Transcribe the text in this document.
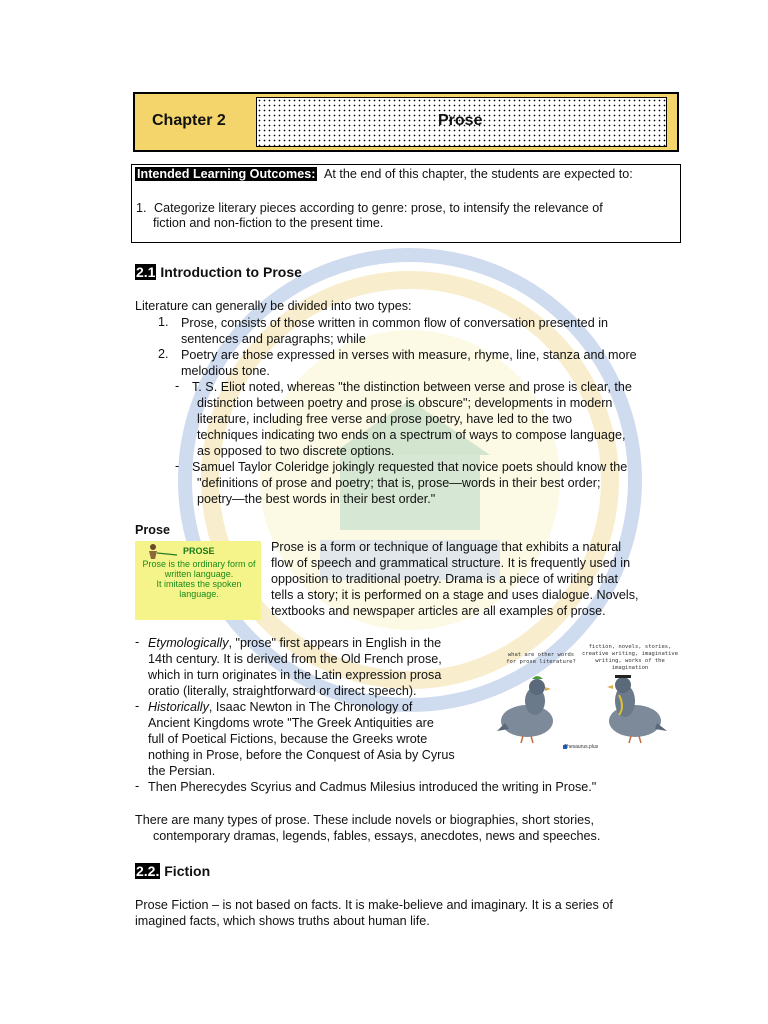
Chapter 2	Prose
Intended Learning Outcomes: At the end of this chapter, the students are expected to:
1. Categorize literary pieces according to genre: prose, to intensify the relevance of
fiction and non-fiction to the present time.
2.1 Introduction to Prose
Literature can generally be divided into two types:
1. Prose, consists of those written in common flow of conversation presented in
sentences and paragraphs; while
2. Poetry are those expressed in verses with measure, rhyme, line, stanza and more
melodious tone.
- T. S. Eliot noted, whereas "the distinction between verse and prose is clear, the
distinction between poetry and prose is obscure"; developments in modern
literature, including free verse and prose poetry, have led to the two
techniques indicating two ends on a spectrum of ways to compose language,
as opposed to two discrete options.
- Samuel Taylor Coleridge jokingly requested that novice poets should know the
"definitions of prose and poetry; that is, prose—words in their best order;
poetry—the best words in their best order."
Prose
PROSE
Prose is the ordinary form of written language.
It imitates the spoken language.
Prose is a form or technique of language that exhibits a natural
flow of speech and grammatical structure. It is frequently used in
opposition to traditional poetry. Drama is a piece of writing that
tells a story; it is performed on a stage and uses dialogue. Novels,
textbooks and newspaper articles are all examples of prose.
- Etymologically, "prose" first appears in English in the
14th century. It is derived from the Old French prose,
which in turn originates in the Latin expression prosa
oratio (literally, straightforward or direct speech).
- Historically, Isaac Newton in The Chronology of
Ancient Kingdoms wrote "The Greek Antiquities are
full of Poetical Fictions, because the Greeks wrote
nothing in Prose, before the Conquest of Asia by Cyrus
the Persian.
- Then Pherecydes Scyrius and Cadmus Milesius introduced the writing in Prose."
what are other words for prose literature?
fiction, novels, stories, creative writing, imaginative writing, works of the imagination
Thesaurus.plus
There are many types of prose. These include novels or biographies, short stories,
contemporary dramas, legends, fables, essays, anecdotes, news and speeches.
2.2. Fiction
Prose Fiction – is not based on facts. It is make-believe and imaginary. It is a series of
imagined facts, which shows truths about human life.
